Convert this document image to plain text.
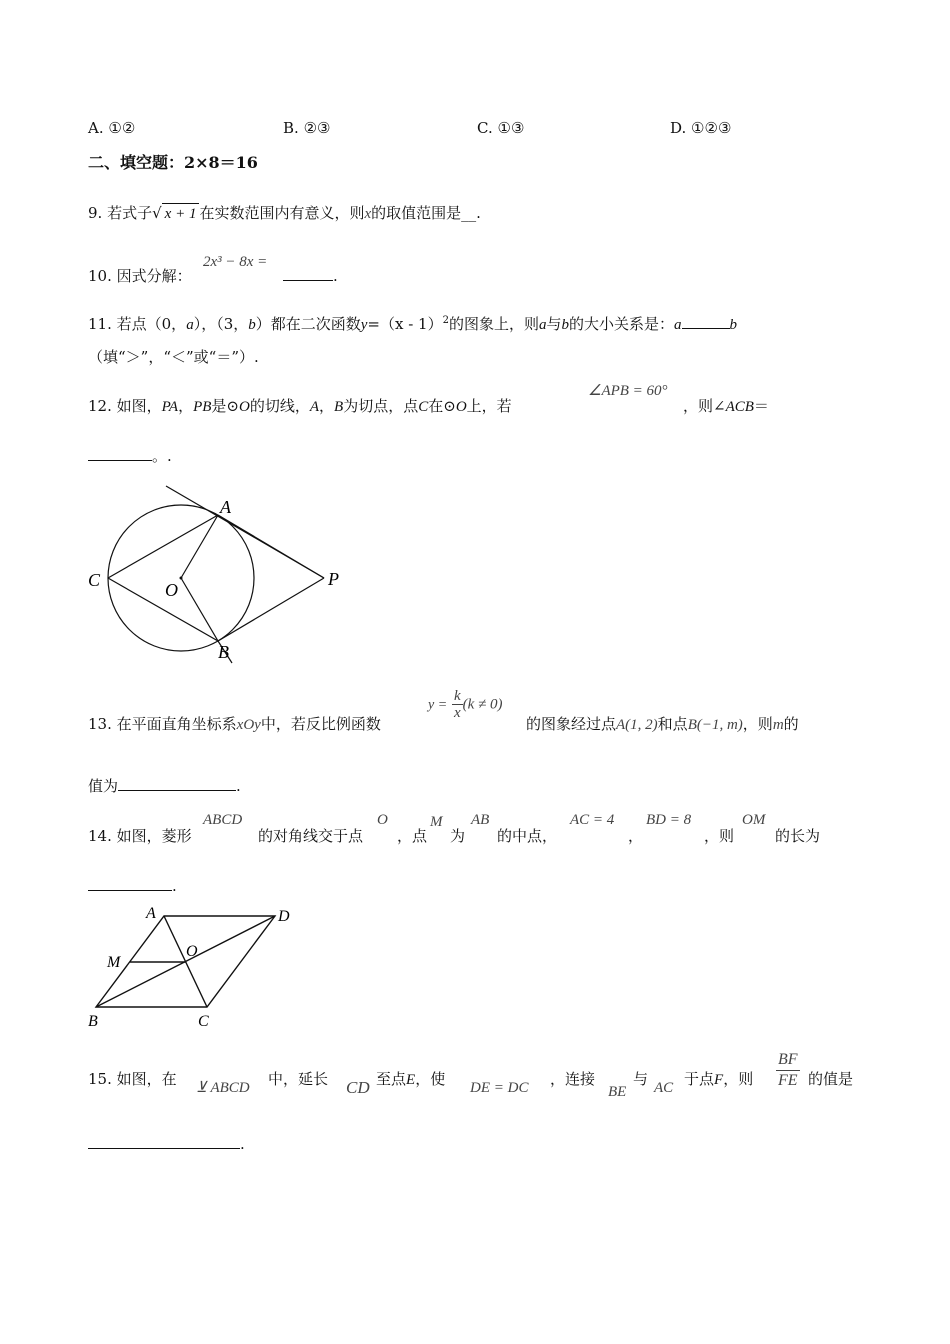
A. ①②	B. ②③	C. ①③	D. ①②③
二、填空题：2×8＝16
9. 若式子√ x + 1 在实数范围内有意义，则x的取值范围是__.
10. 因式分解：
2x³ − 8x =
.
11. 若点（0，a），（3，b）都在二次函数y=（x - 1）$^2$的图象上，则a与b的大小关系是：a	b
（填“＞”，“＜”或“＝”）.
12. 如图，PA，PB是⊙O的切线，A，B为切点，点C在⊙O上，若
∠APB = 60°
，则∠ACB＝
。.
A
B
C	O
P
13. 在平面直角坐标系xOy中，若反比例函数
$y = \frac{k}{x} (k \ne 0)$
的图象经过点A(1, 2)和点B(−1, m)，则m的
值为	.
14. 如图，菱形
ABCD
的对角线交于点
O
，点
M
为
AB
的中点，
AC = 4
，
BD = 8
，则
OM
的长为
.
A
B	C
D
M
O
15. 如图，在 ⊻ ABCD 中，延长 CD 至点E，使 DE = DC ，连接
BE
与 AC 于点F，则 $\frac{BF}{FE}$ 的值是
.
